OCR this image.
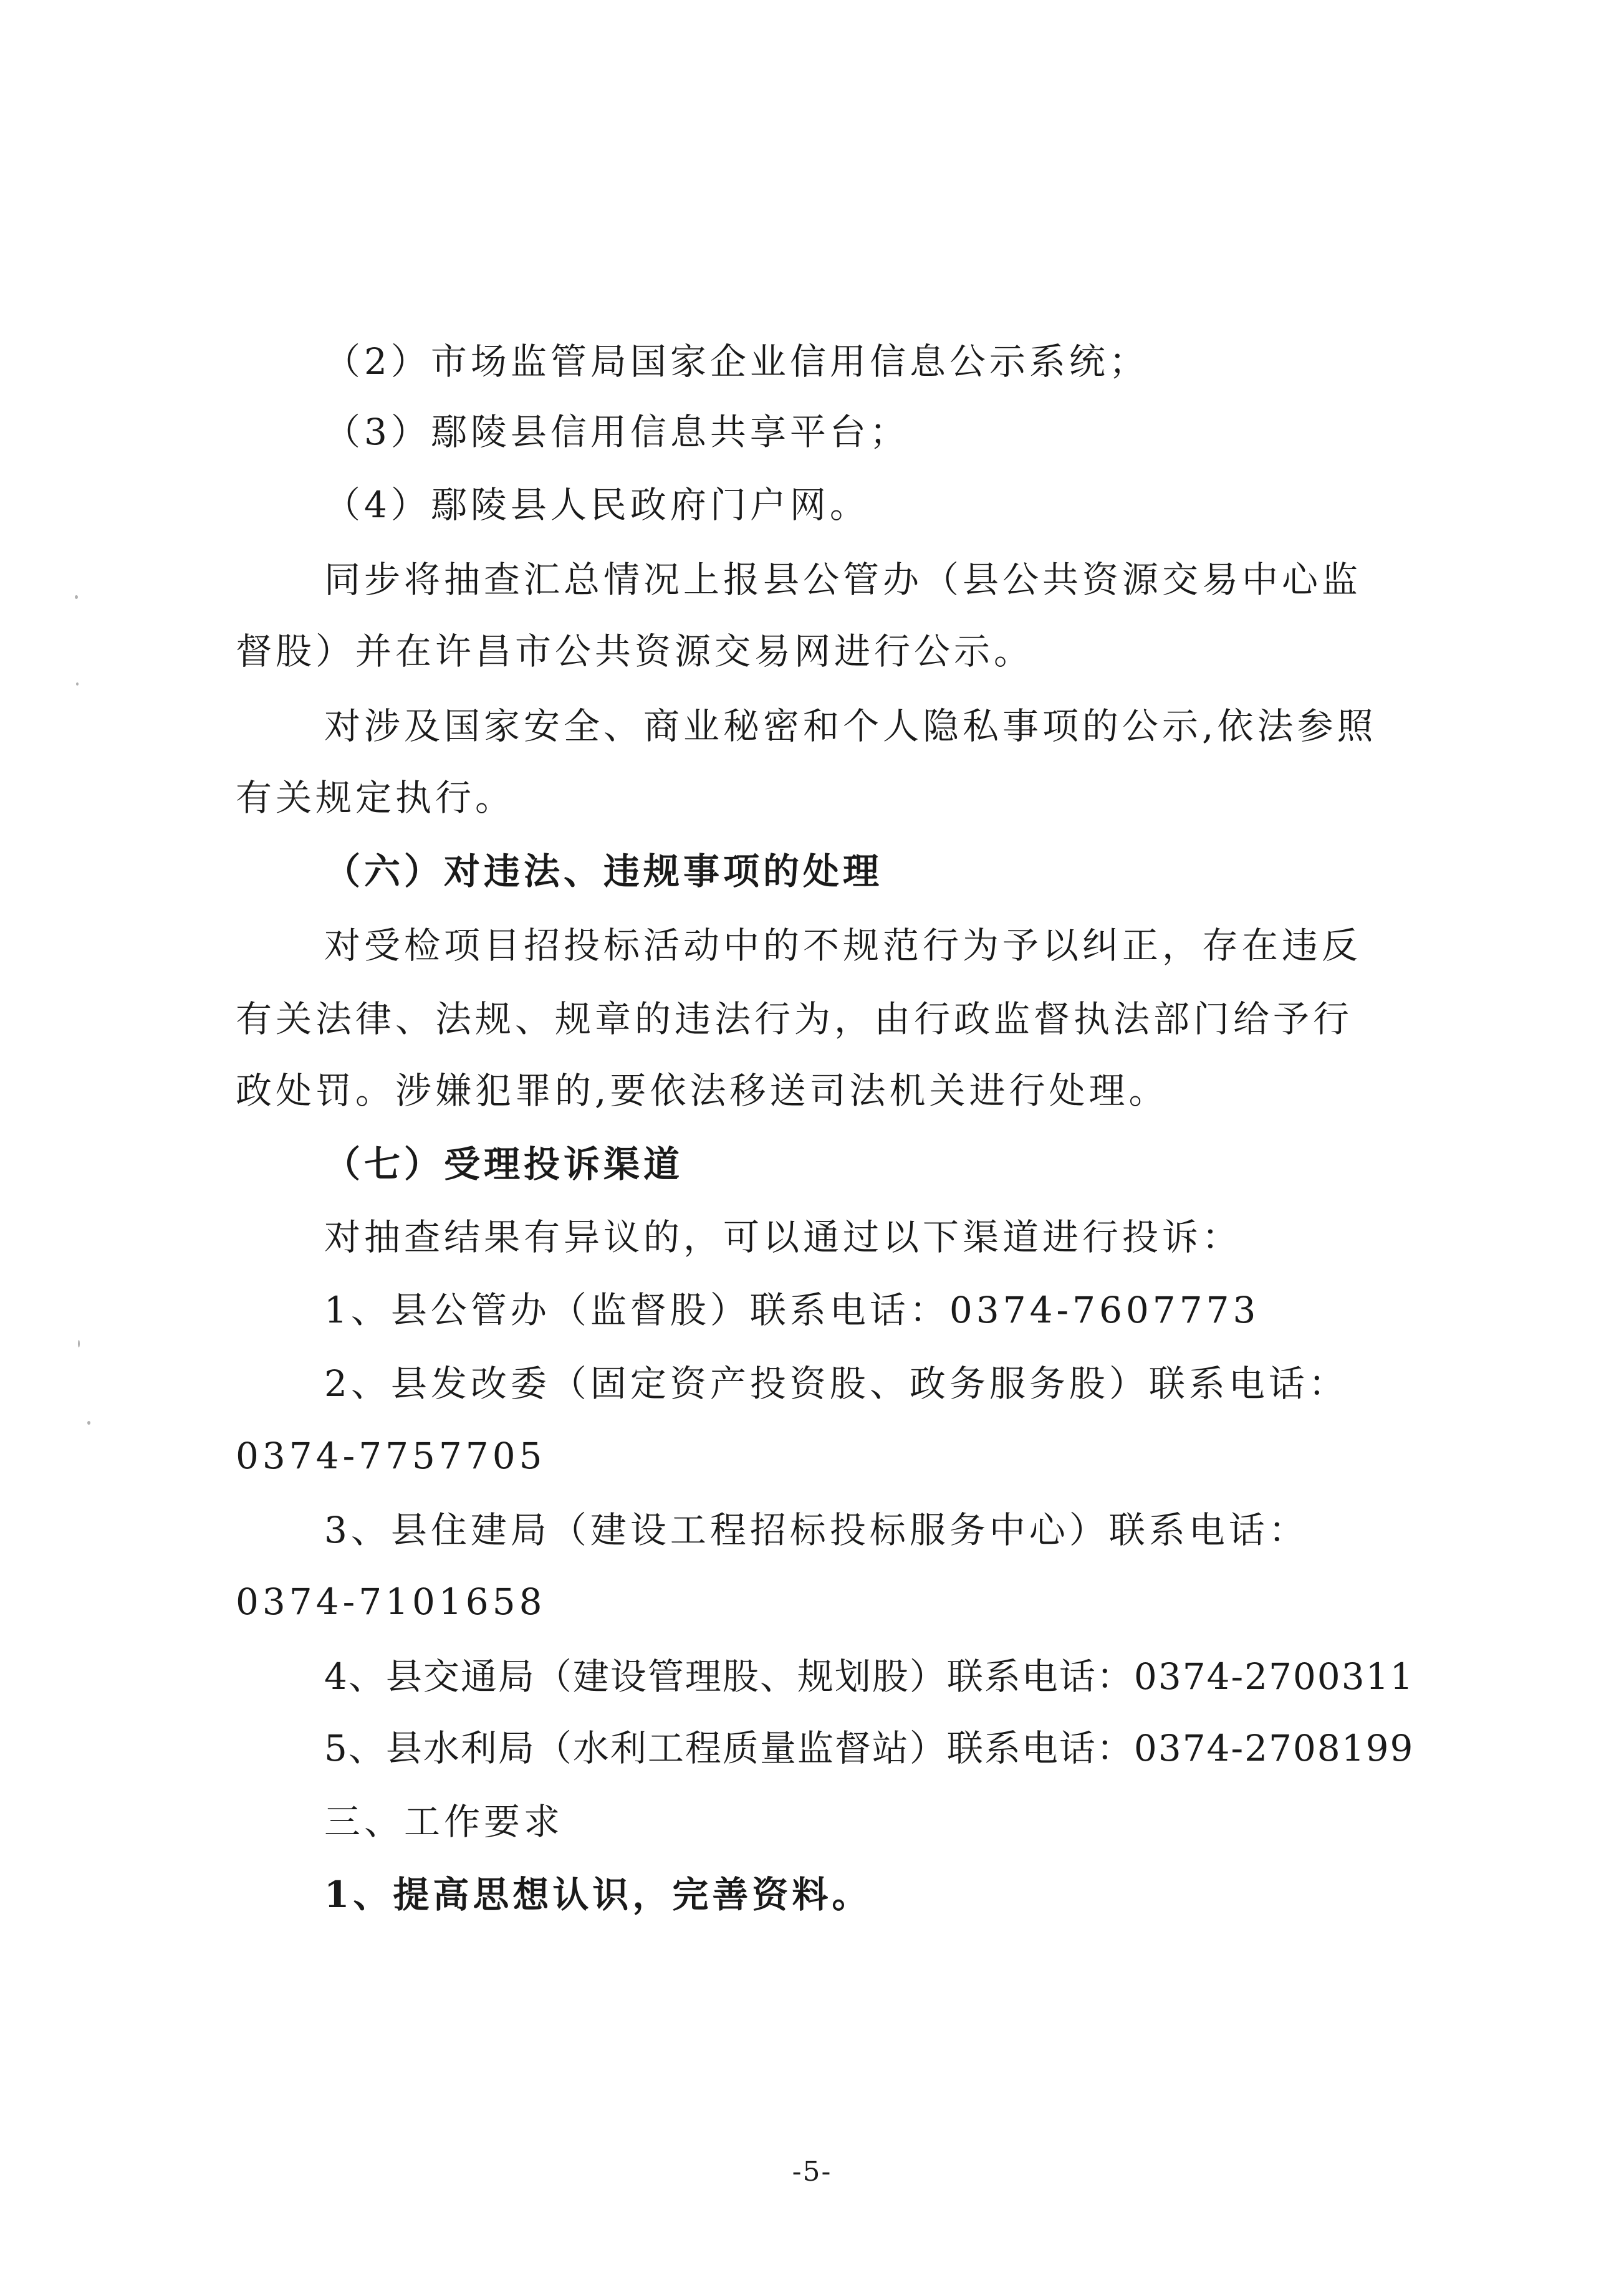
（2）市场监管局国家企业信用信息公示系统；
（3）鄢陵县信用信息共享平台；
（4）鄢陵县人民政府门户网。
同步将抽查汇总情况上报县公管办（县公共资源交易中心监
督股）并在许昌市公共资源交易网进行公示。
对涉及国家安全、商业秘密和个人隐私事项的公示,依法参照
有关规定执行。
（六）对违法、违规事项的处理
对受检项目招投标活动中的不规范行为予以纠正，存在违反
有关法律、法规、规章的违法行为，由行政监督执法部门给予行
政处罚。涉嫌犯罪的,要依法移送司法机关进行处理。
（七）受理投诉渠道
对抽查结果有异议的，可以通过以下渠道进行投诉：
1、县公管办（监督股）联系电话：0374-7607773
2、县发改委（固定资产投资股、政务服务股）联系电话：
0374-7757705
3、县住建局（建设工程招标投标服务中心）联系电话：
0374-7101658
4、县交通局（建设管理股、规划股）联系电话：0374-2700311
5、县水利局（水利工程质量监督站）联系电话：0374-2708199
三、工作要求
1、提高思想认识，完善资料。
-5-
